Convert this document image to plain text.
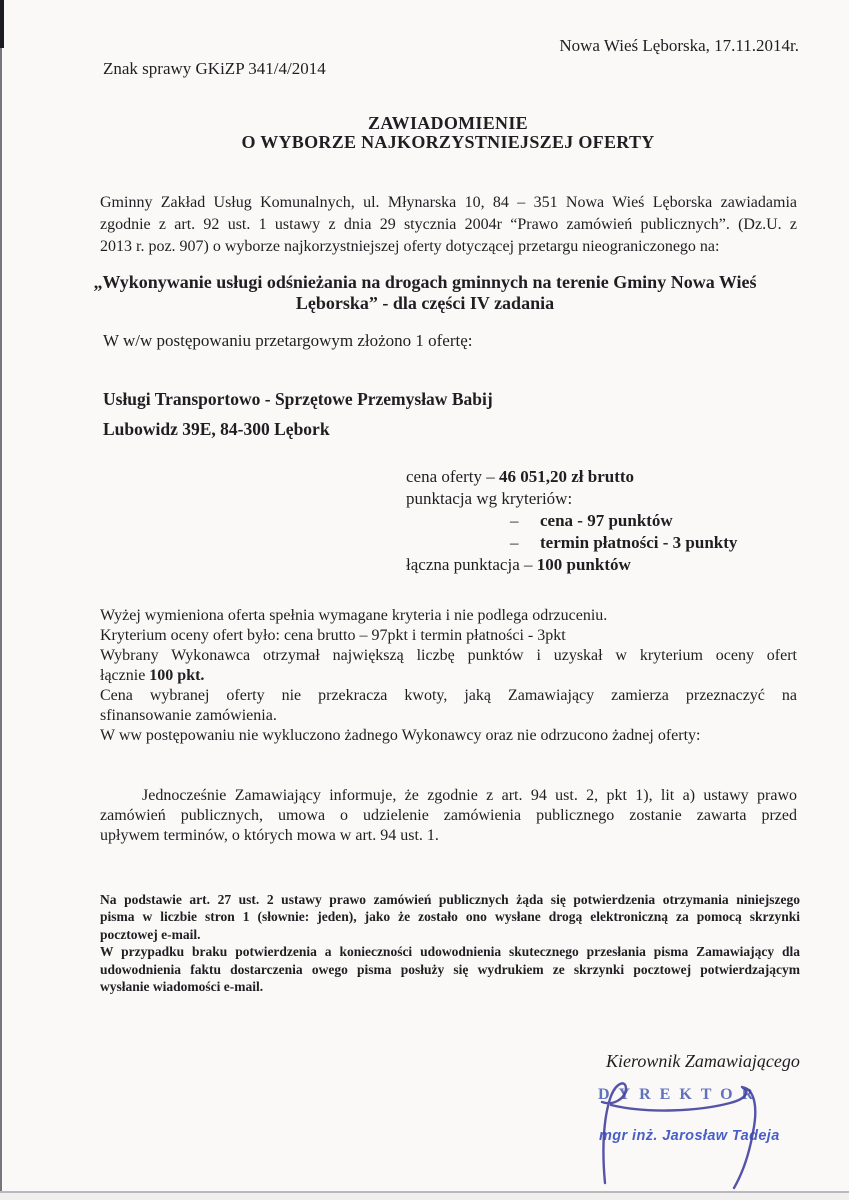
Nowa Wieś Lęborska, 17.11.2014r.
Znak sprawy GKiZP 341/4/2014
ZAWIADOMIENIE
O WYBORZE NAJKORZYSTNIEJSZEJ OFERTY
Gminny Zakład Usług Komunalnych, ul. Młynarska 10, 84 – 351 Nowa Wieś Lęborska zawiadamia
zgodnie z art. 92 ust. 1 ustawy z dnia 29 stycznia 2004r “Prawo zamówień publicznych”. (Dz.U. z
2013 r. poz. 907) o wyborze najkorzystniejszej oferty dotyczącej przetargu nieograniczonego na:
„Wykonywanie usługi odśnieżania na drogach gminnych na terenie Gminy Nowa Wieś
Lęborska” - dla części IV zadania
W w/w postępowaniu przetargowym złożono 1 ofertę:
Usługi Transportowo - Sprzętowe Przemysław Babij
Lubowidz 39E, 84-300 Lębork
cena oferty – 46 051,20 zł brutto
punktacja wg kryteriów:
– cena - 97 punktów
– termin płatności - 3 punkty
łączna punktacja – 100 punktów
Wyżej wymieniona oferta spełnia wymagane kryteria i nie podlega odrzuceniu.
Kryterium oceny ofert było: cena brutto – 97pkt i termin płatności - 3pkt
Wybrany Wykonawca otrzymał największą liczbę punktów i uzyskał w kryterium oceny ofert
łącznie 100 pkt.
Cena wybranej oferty nie przekracza kwoty, jaką Zamawiający zamierza przeznaczyć na
sfinansowanie zamówienia.
W ww postępowaniu nie wykluczono żadnego Wykonawcy oraz nie odrzucono żadnej oferty:
Jednocześnie Zamawiający informuje, że zgodnie z art. 94 ust. 2, pkt 1), lit a) ustawy prawo
zamówień publicznych, umowa o udzielenie zamówienia publicznego zostanie zawarta przed
upływem terminów, o których mowa w art. 94 ust. 1.
Na podstawie art. 27 ust. 2 ustawy prawo zamówień publicznych żąda się potwierdzenia otrzymania niniejszego
pisma w liczbie stron 1 (słownie: jeden), jako że zostało ono wysłane drogą elektroniczną za pomocą skrzynki
pocztowej e-mail.
W przypadku braku potwierdzenia a konieczności udowodnienia skutecznego przesłania pisma Zamawiający dla
udowodnienia faktu dostarczenia owego pisma posłuży się wydrukiem ze skrzynki pocztowej potwierdzającym
wysłanie wiadomości e-mail.
Kierownik Zamawiającego
DYREKTOR
mgr inż. Jarosław Tadeja
